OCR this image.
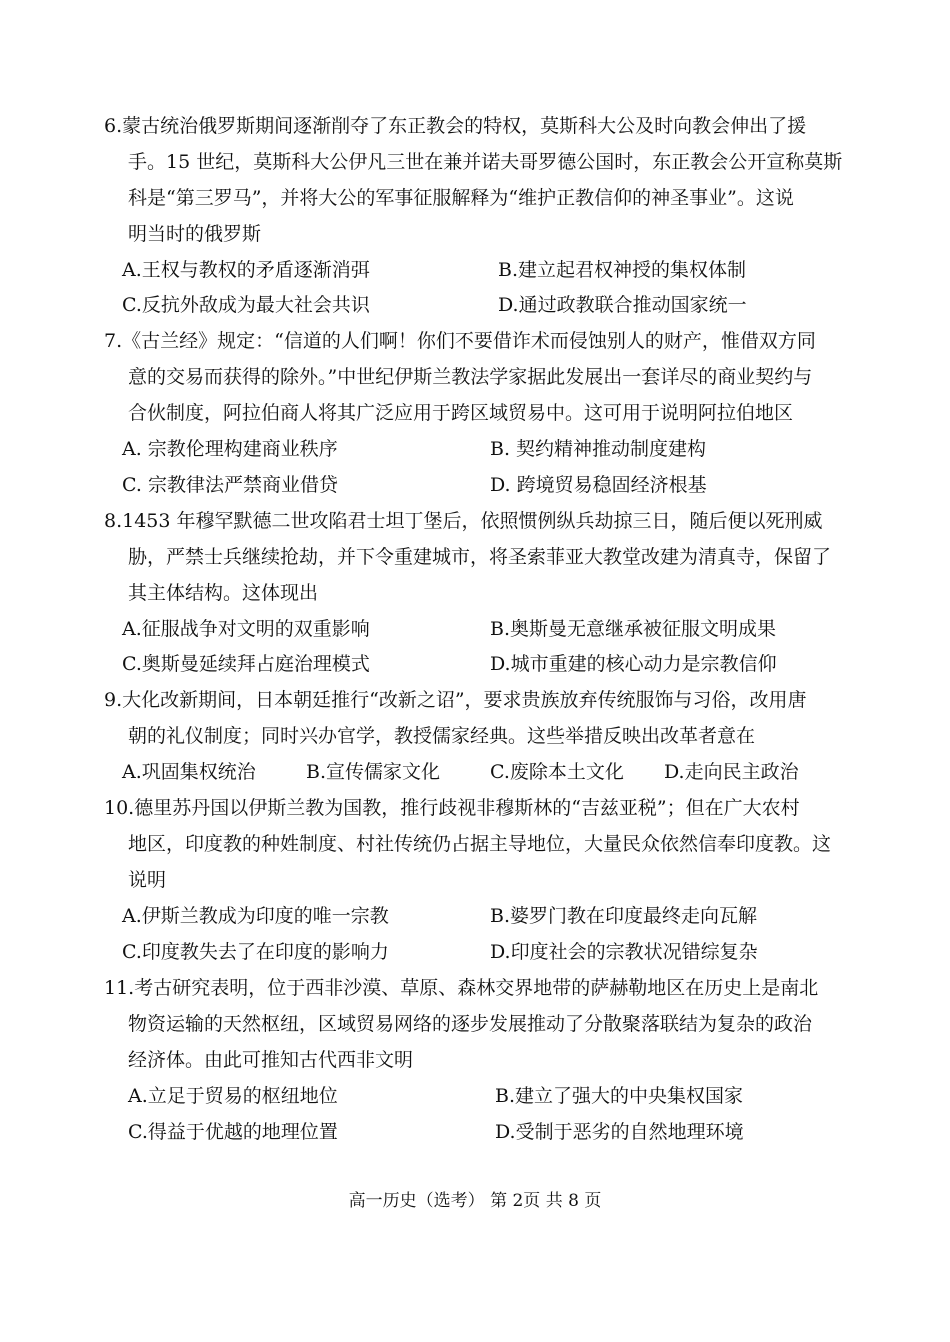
6.蒙古统治俄罗斯期间逐渐削夺了东正教会的特权，莫斯科大公及时向教会伸出了援
手。15 世纪，莫斯科大公伊凡三世在兼并诺夫哥罗德公国时，东正教会公开宣称莫斯
科是“第三罗马”，并将大公的军事征服解释为“维护正教信仰的神圣事业”。这说
明当时的俄罗斯
A.王权与教权的矛盾逐渐消弭	B.建立起君权神授的集权体制
C.反抗外敌成为最大社会共识	D.通过政教联合推动国家统一
7.《古兰经》规定：“信道的人们啊！你们不要借诈术而侵蚀别人的财产，惟借双方同
意的交易而获得的除外。”中世纪伊斯兰教法学家据此发展出一套详尽的商业契约与
合伙制度，阿拉伯商人将其广泛应用于跨区域贸易中。这可用于说明阿拉伯地区
A. 宗教伦理构建商业秩序	B. 契约精神推动制度建构
C. 宗教律法严禁商业借贷	D. 跨境贸易稳固经济根基
8.1453 年穆罕默德二世攻陷君士坦丁堡后，依照惯例纵兵劫掠三日，随后便以死刑威
胁，严禁士兵继续抢劫，并下令重建城市，将圣索菲亚大教堂改建为清真寺，保留了
其主体结构。这体现出
A.征服战争对文明的双重影响	B.奥斯曼无意继承被征服文明成果
C.奥斯曼延续拜占庭治理模式	D.城市重建的核心动力是宗教信仰
9.大化改新期间，日本朝廷推行“改新之诏”，要求贵族放弃传统服饰与习俗，改用唐
朝的礼仪制度；同时兴办官学，教授儒家经典。这些举措反映出改革者意在
A.巩固集权统治	B.宣传儒家文化	C.废除本土文化 D.走向民主政治
10.德里苏丹国以伊斯兰教为国教，推行歧视非穆斯林的“吉兹亚税”；但在广大农村
地区，印度教的种姓制度、村社传统仍占据主导地位，大量民众依然信奉印度教。这
说明
A.伊斯兰教成为印度的唯一宗教	B.婆罗门教在印度最终走向瓦解
C.印度教失去了在印度的影响力	D.印度社会的宗教状况错综复杂
11.考古研究表明，位于西非沙漠、草原、森林交界地带的萨赫勒地区在历史上是南北
物资运输的天然枢纽，区域贸易网络的逐步发展推动了分散聚落联结为复杂的政治
经济体。由此可推知古代西非文明
A.立足于贸易的枢纽地位	B.建立了强大的中央集权国家
C.得益于优越的地理位置	D.受制于恶劣的自然地理环境
高一历史（选考） 第 2页 共 8 页
